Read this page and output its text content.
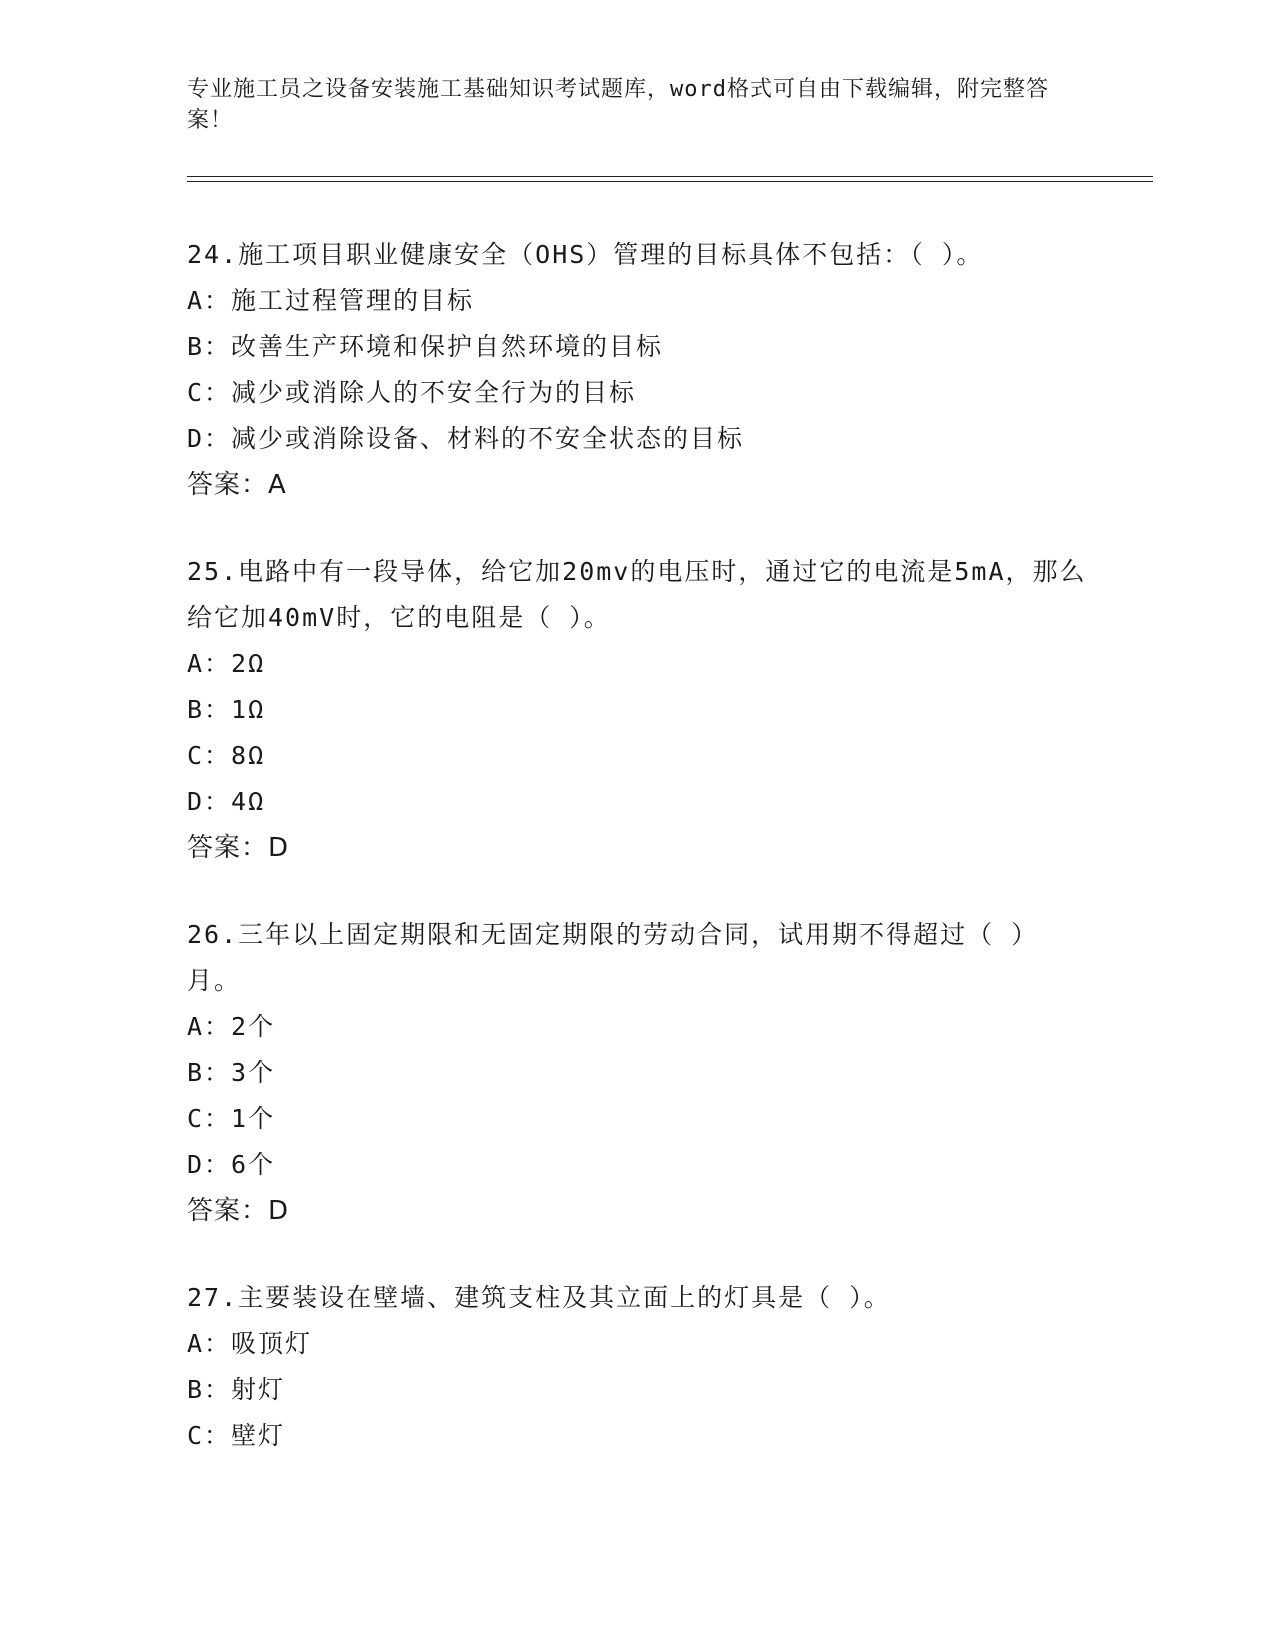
专业施工员之设备安装施工基础知识考试题库，word格式可自由下载编辑，附完整答案！

24.施工项目职业健康安全（OHS）管理的目标具体不包括：（ ）。

A：施工过程管理的目标

B：改善生产环境和保护自然环境的目标

C：减少或消除人的不安全行为的目标

D：减少或消除设备、材料的不安全状态的目标

答案：A

25.电路中有一段导体，给它加20mv的电压时，通过它的电流是5mA，那么给它加40mV时，它的电阻是（ ）。

A：2Ω

B：1Ω

C：8Ω

D：4Ω

答案：D

26.三年以上固定期限和无固定期限的劳动合同，试用期不得超过（ ）月。

A：2个

B：3个

C：1个

D：6个

答案：D

27.主要装设在壁墙、建筑支柱及其立面上的灯具是（ ）。

A：吸顶灯

B：射灯

C：壁灯
